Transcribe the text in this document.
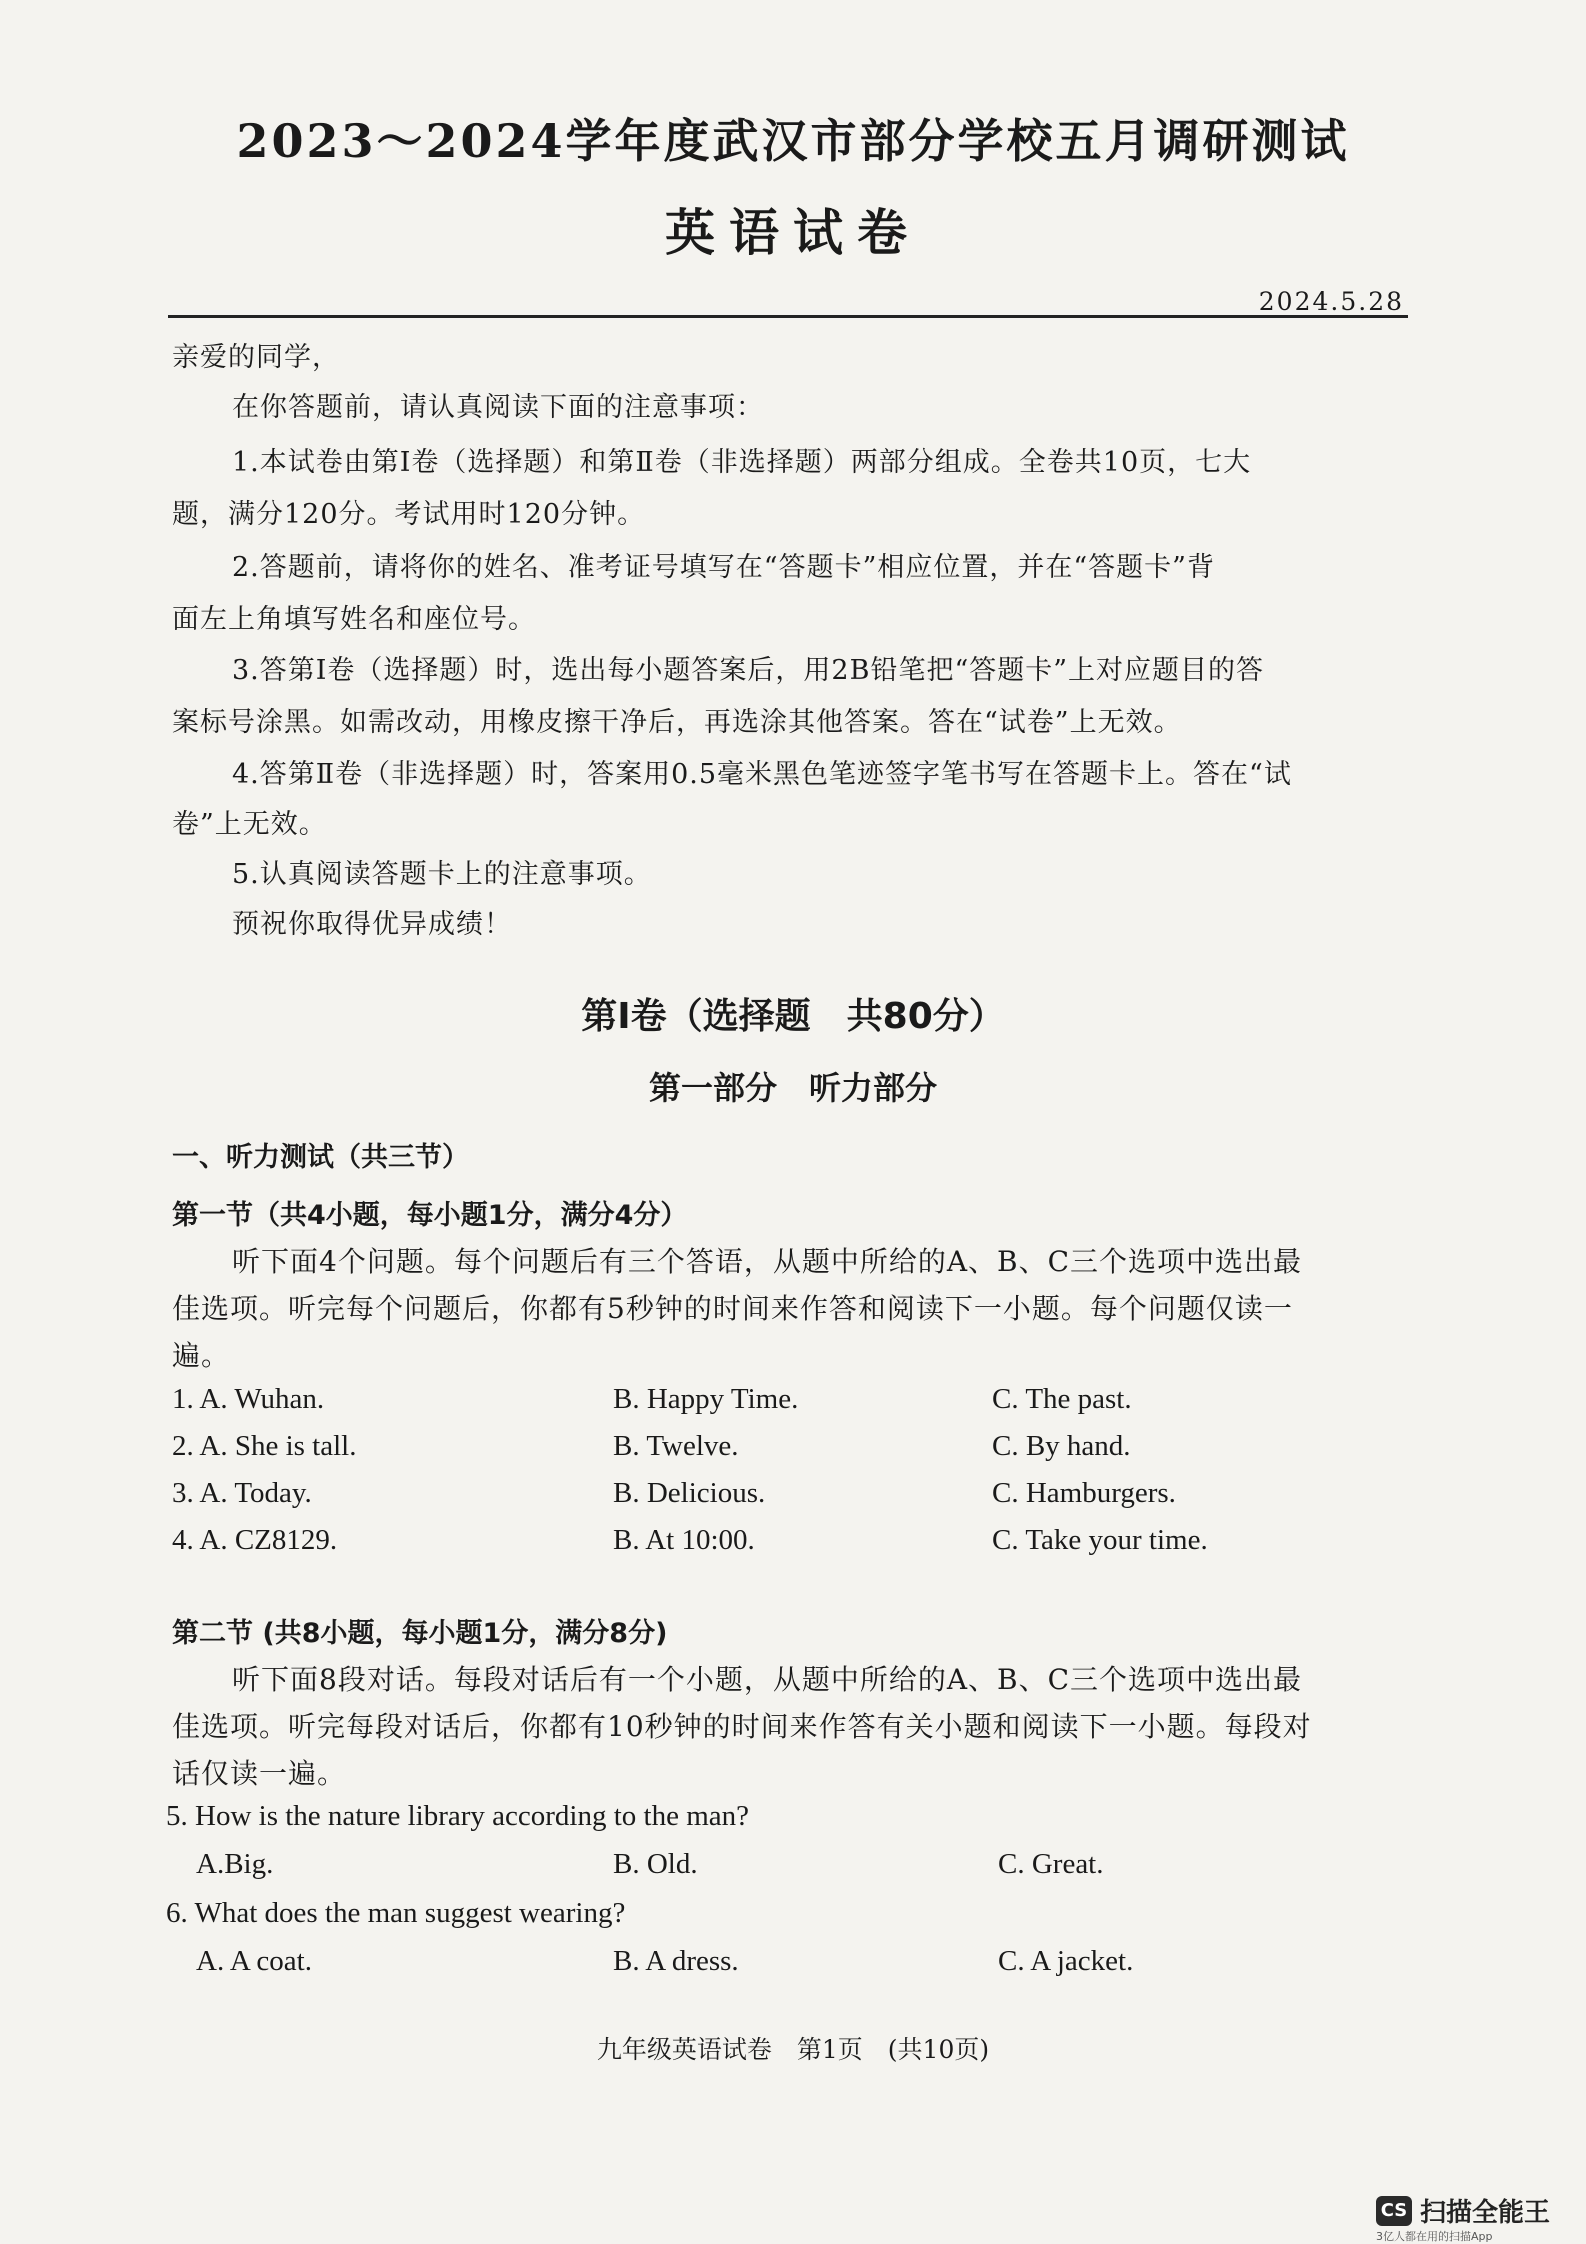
2023～2024学年度武汉市部分学校五月调研测试
英语试卷
2024.5.28
亲爱的同学，
在你答题前，请认真阅读下面的注意事项：
1.本试卷由第Ⅰ卷（选择题）和第Ⅱ卷（非选择题）两部分组成。全卷共10页，七大
题，满分120分。考试用时120分钟。
2.答题前，请将你的姓名、准考证号填写在“答题卡”相应位置，并在“答题卡”背
面左上角填写姓名和座位号。
3.答第Ⅰ卷（选择题）时，选出每小题答案后，用2B铅笔把“答题卡”上对应题目的答
案标号涂黑。如需改动，用橡皮擦干净后，再选涂其他答案。答在“试卷”上无效。
4.答第Ⅱ卷（非选择题）时，答案用0.5毫米黑色笔迹签字笔书写在答题卡上。答在“试
卷”上无效。
5.认真阅读答题卡上的注意事项。
预祝你取得优异成绩！
第Ⅰ卷（选择题　共80分）
第一部分　听力部分
一、听力测试（共三节）
第一节（共4小题，每小题1分，满分4分）
听下面4个问题。每个问题后有三个答语，从题中所给的A、B、C三个选项中选出最
佳选项。听完每个问题后，你都有5秒钟的时间来作答和阅读下一小题。每个问题仅读一
遍。
1. A. Wuhan.	B. Happy Time.	C. The past.
2. A. She is tall.	B. Twelve.	C. By hand.
3. A. Today.	B. Delicious.	C. Hamburgers.
4. A. CZ8129.	B. At 10:00.	C. Take your time.
第二节 (共8小题，每小题1分，满分8分)
听下面8段对话。每段对话后有一个小题，从题中所给的A、B、C三个选项中选出最
佳选项。听完每段对话后，你都有10秒钟的时间来作答有关小题和阅读下一小题。每段对
话仅读一遍。
5. How is the nature library according to the man?
A.Big.	B. Old.	C. Great.
6. What does the man suggest wearing?
A. A coat.	B. A dress.	C. A jacket.
九年级英语试卷　第1页　(共10页)
CS 扫描全能王
3亿人都在用的扫描App
